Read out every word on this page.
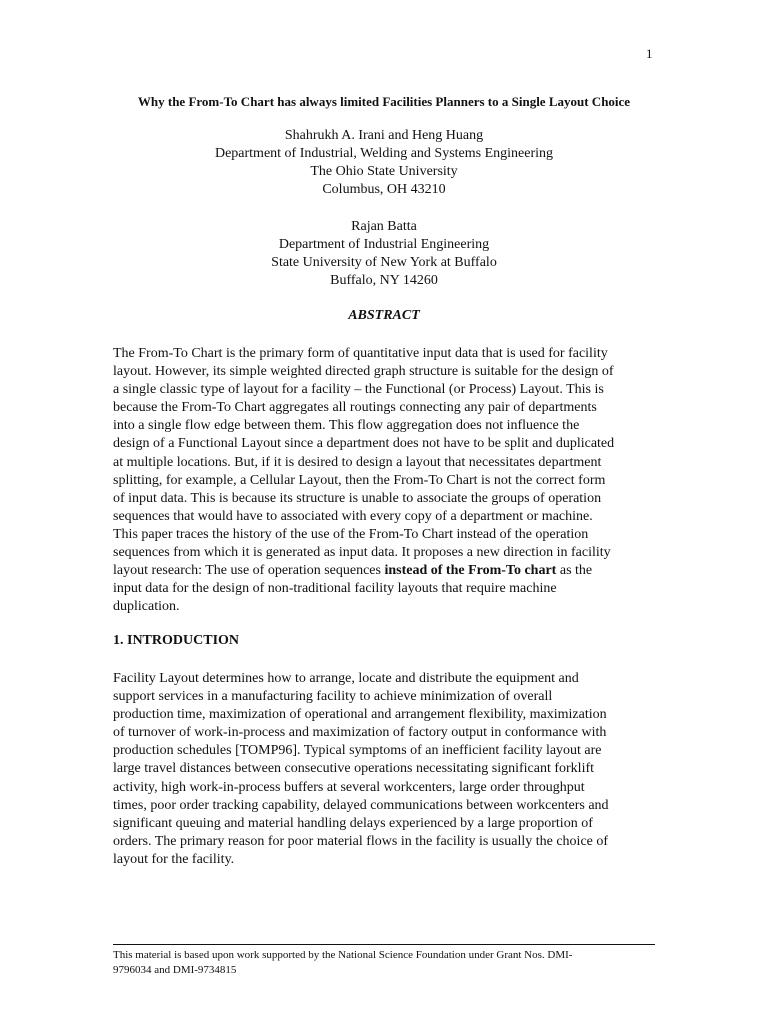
1
Why the From-To Chart has always limited Facilities Planners to a Single Layout Choice
Shahrukh A. Irani and Heng Huang
Department of Industrial, Welding and Systems Engineering
The Ohio State University
Columbus, OH 43210
Rajan Batta
Department of Industrial Engineering
State University of New York at Buffalo
Buffalo, NY 14260
ABSTRACT
The From-To Chart is the primary form of quantitative input data that is used for facility
layout. However, its simple weighted directed graph structure is suitable for the design of
a single classic type of layout for a facility – the Functional (or Process) Layout. This is
because the From-To Chart aggregates all routings connecting any pair of departments
into a single flow edge between them. This flow aggregation does not influence the
design of a Functional Layout since a department does not have to be split and duplicated
at multiple locations. But, if it is desired to design a layout that necessitates department
splitting, for example, a Cellular Layout, then the From-To Chart is not the correct form
of input data. This is because its structure is unable to associate the groups of operation
sequences that would have to associated with every copy of a department or machine.
This paper traces the history of the use of the From-To Chart instead of the operation
sequences from which it is generated as input data. It proposes a new direction in facility
layout research: The use of operation sequences instead of the From-To chart as the
input data for the design of non-traditional facility layouts that require machine
duplication.
1. INTRODUCTION
Facility Layout determines how to arrange, locate and distribute the equipment and
support services in a manufacturing facility to achieve minimization of overall
production time, maximization of operational and arrangement flexibility, maximization
of turnover of work-in-process and maximization of factory output in conformance with
production schedules [TOMP96]. Typical symptoms of an inefficient facility layout are
large travel distances between consecutive operations necessitating significant forklift
activity, high work-in-process buffers at several workcenters, large order throughput
times, poor order tracking capability, delayed communications between workcenters and
significant queuing and material handling delays experienced by a large proportion of
orders. The primary reason for poor material flows in the facility is usually the choice of
layout for the facility.
This material is based upon work supported by the National Science Foundation under Grant Nos. DMI-
9796034 and DMI-9734815
